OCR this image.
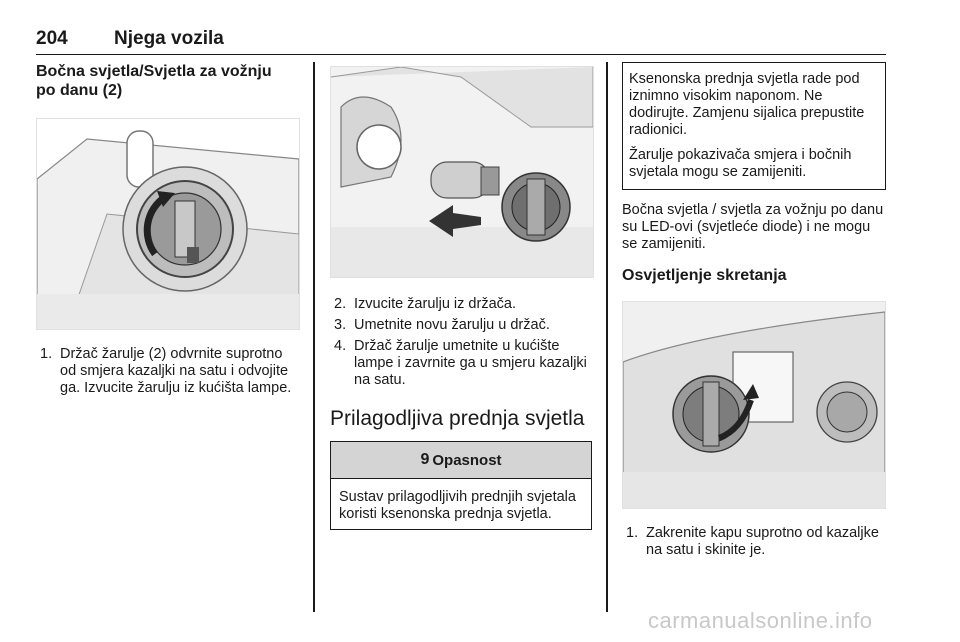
204 Njega vozila
Bočna svjetla/Svjetla za vožnju
po danu (2)
1. Držač žarulje (2) odvrnite suprotno od smjera kazaljki na satu i odvojite ga. Izvucite žarulju iz kućišta lampe.
2. Izvucite žarulju iz držača.
3. Umetnite novu žarulju u držač.
4. Držač žarulje umetnite u kućište lampe i zavrnite ga u smjeru kazaljki na satu.
Prilagodljiva prednja svjetla
9 Opasnost
Sustav prilagodljivih prednjih svjetala koristi ksenonska prednja svjetla.

Ksenonska prednja svjetla rade pod iznimno visokim naponom. Ne dodirujte. Zamjenu sijalica prepustite radionici.

Žarulje pokazivača smjera i bočnih svjetala mogu se zamijeniti.

Bočna svjetla / svjetla za vožnju po danu su LED-ovi (svjetleće diode) i ne mogu se zamijeniti.

Osvjetljenje skretanja
1. Zakrenite kapu suprotno od kazaljke na satu i skinite je.
carmanualsonline.info
